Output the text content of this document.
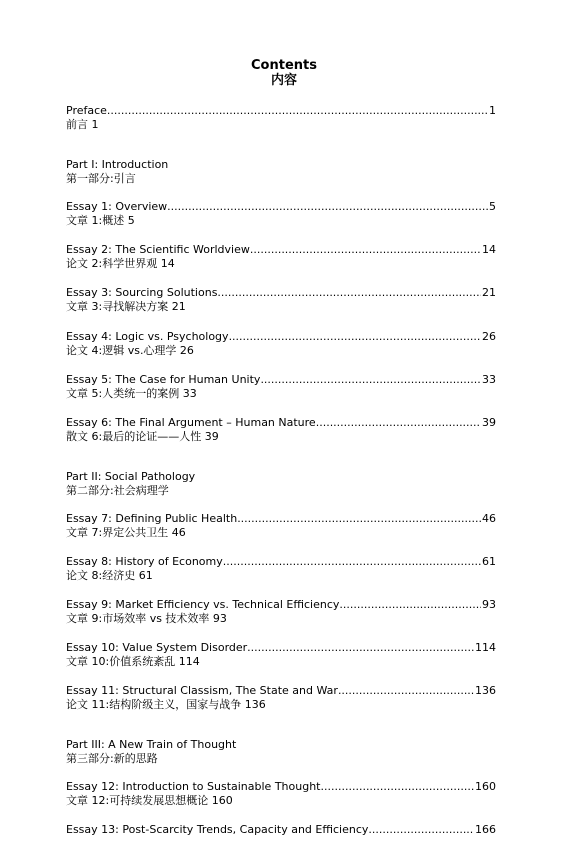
Contents
内容
Preface .....	1
前言 1
Part I: Introduction
第一部分:引言
Essay 1: Overview .....	5
文章 1:概述 5
Essay 2: The Scientific Worldview .....	14
论文 2:科学世界观 14
Essay 3: Sourcing Solutions .....	21
文章 3:寻找解决方案 21
Essay 4: Logic vs. Psychology .....	26
论文 4:逻辑 vs.心理学 26
Essay 5: The Case for Human Unity .....	33
文章 5:人类统一的案例 33
Essay 6: The Final Argument – Human Nature .....	39
散文 6:最后的论证——人性 39
Part II: Social Pathology
第二部分:社会病理学
Essay 7: Defining Public Health .....	46
文章 7:界定公共卫生 46
Essay 8: History of Economy .....	61
论文 8:经济史 61
Essay 9: Market Efficiency vs. Technical Efficiency .....	93
文章 9:市场效率 vs 技术效率 93
Essay 10: Value System Disorder .....	114
文章 10:价值系统紊乱 114
Essay 11: Structural Classism, The State and War .....	136
论文 11:结构阶级主义，国家与战争 136
Part III: A New Train of Thought
第三部分:新的思路
Essay 12: Introduction to Sustainable Thought .....	160
文章 12:可持续发展思想概论 160
Essay 13: Post-Scarcity Trends, Capacity and Efficiency .....	166
